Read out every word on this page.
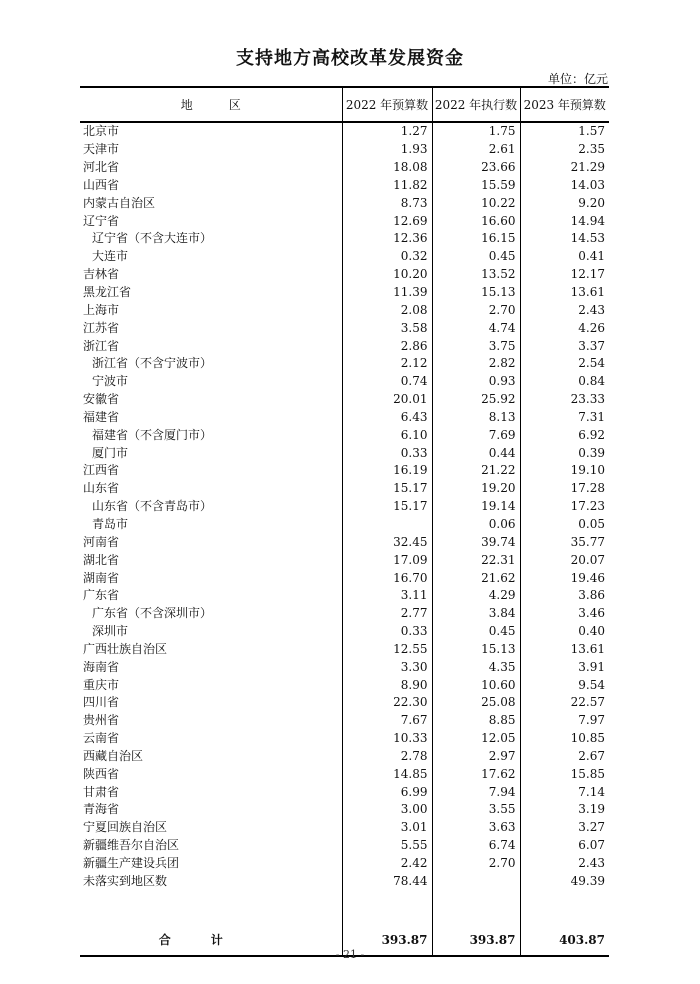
支持地方高校改革发展资金
单位：亿元
地　　　区	2022 年预算数	2022 年执行数	2023 年预算数
北京市	1.27	1.75	1.57
天津市	1.93	2.61	2.35
河北省	18.08	23.66	21.29
山西省	11.82	15.59	14.03
内蒙古自治区	8.73	10.22	9.20
辽宁省	12.69	16.60	14.94
辽宁省（不含大连市）	12.36	16.15	14.53
大连市	0.32	0.45	0.41
吉林省	10.20	13.52	12.17
黑龙江省	11.39	15.13	13.61
上海市	2.08	2.70	2.43
江苏省	3.58	4.74	4.26
浙江省	2.86	3.75	3.37
浙江省（不含宁波市）	2.12	2.82	2.54
宁波市	0.74	0.93	0.84
安徽省	20.01	25.92	23.33
福建省	6.43	8.13	7.31
福建省（不含厦门市）	6.10	7.69	6.92
厦门市	0.33	0.44	0.39
江西省	16.19	21.22	19.10
山东省	15.17	19.20	17.28
山东省（不含青岛市）	15.17	19.14	17.23
青岛市		0.06	0.05
河南省	32.45	39.74	35.77
湖北省	17.09	22.31	20.07
湖南省	16.70	21.62	19.46
广东省	3.11	4.29	3.86
广东省（不含深圳市）	2.77	3.84	3.46
深圳市	0.33	0.45	0.40
广西壮族自治区	12.55	15.13	13.61
海南省	3.30	4.35	3.91
重庆市	8.90	10.60	9.54
四川省	22.30	25.08	22.57
贵州省	7.67	8.85	7.97
云南省	10.33	12.05	10.85
西藏自治区	2.78	2.97	2.67
陕西省	14.85	17.62	15.85
甘肃省	6.99	7.94	7.14
青海省	3.00	3.55	3.19
宁夏回族自治区	3.01	3.63	3.27
新疆维吾尔自治区	5.55	6.74	6.07
新疆生产建设兵团	2.42	2.70	2.43
未落实到地区数	78.44		49.39

合计	393.87	393.87	403.87
- 21 -
